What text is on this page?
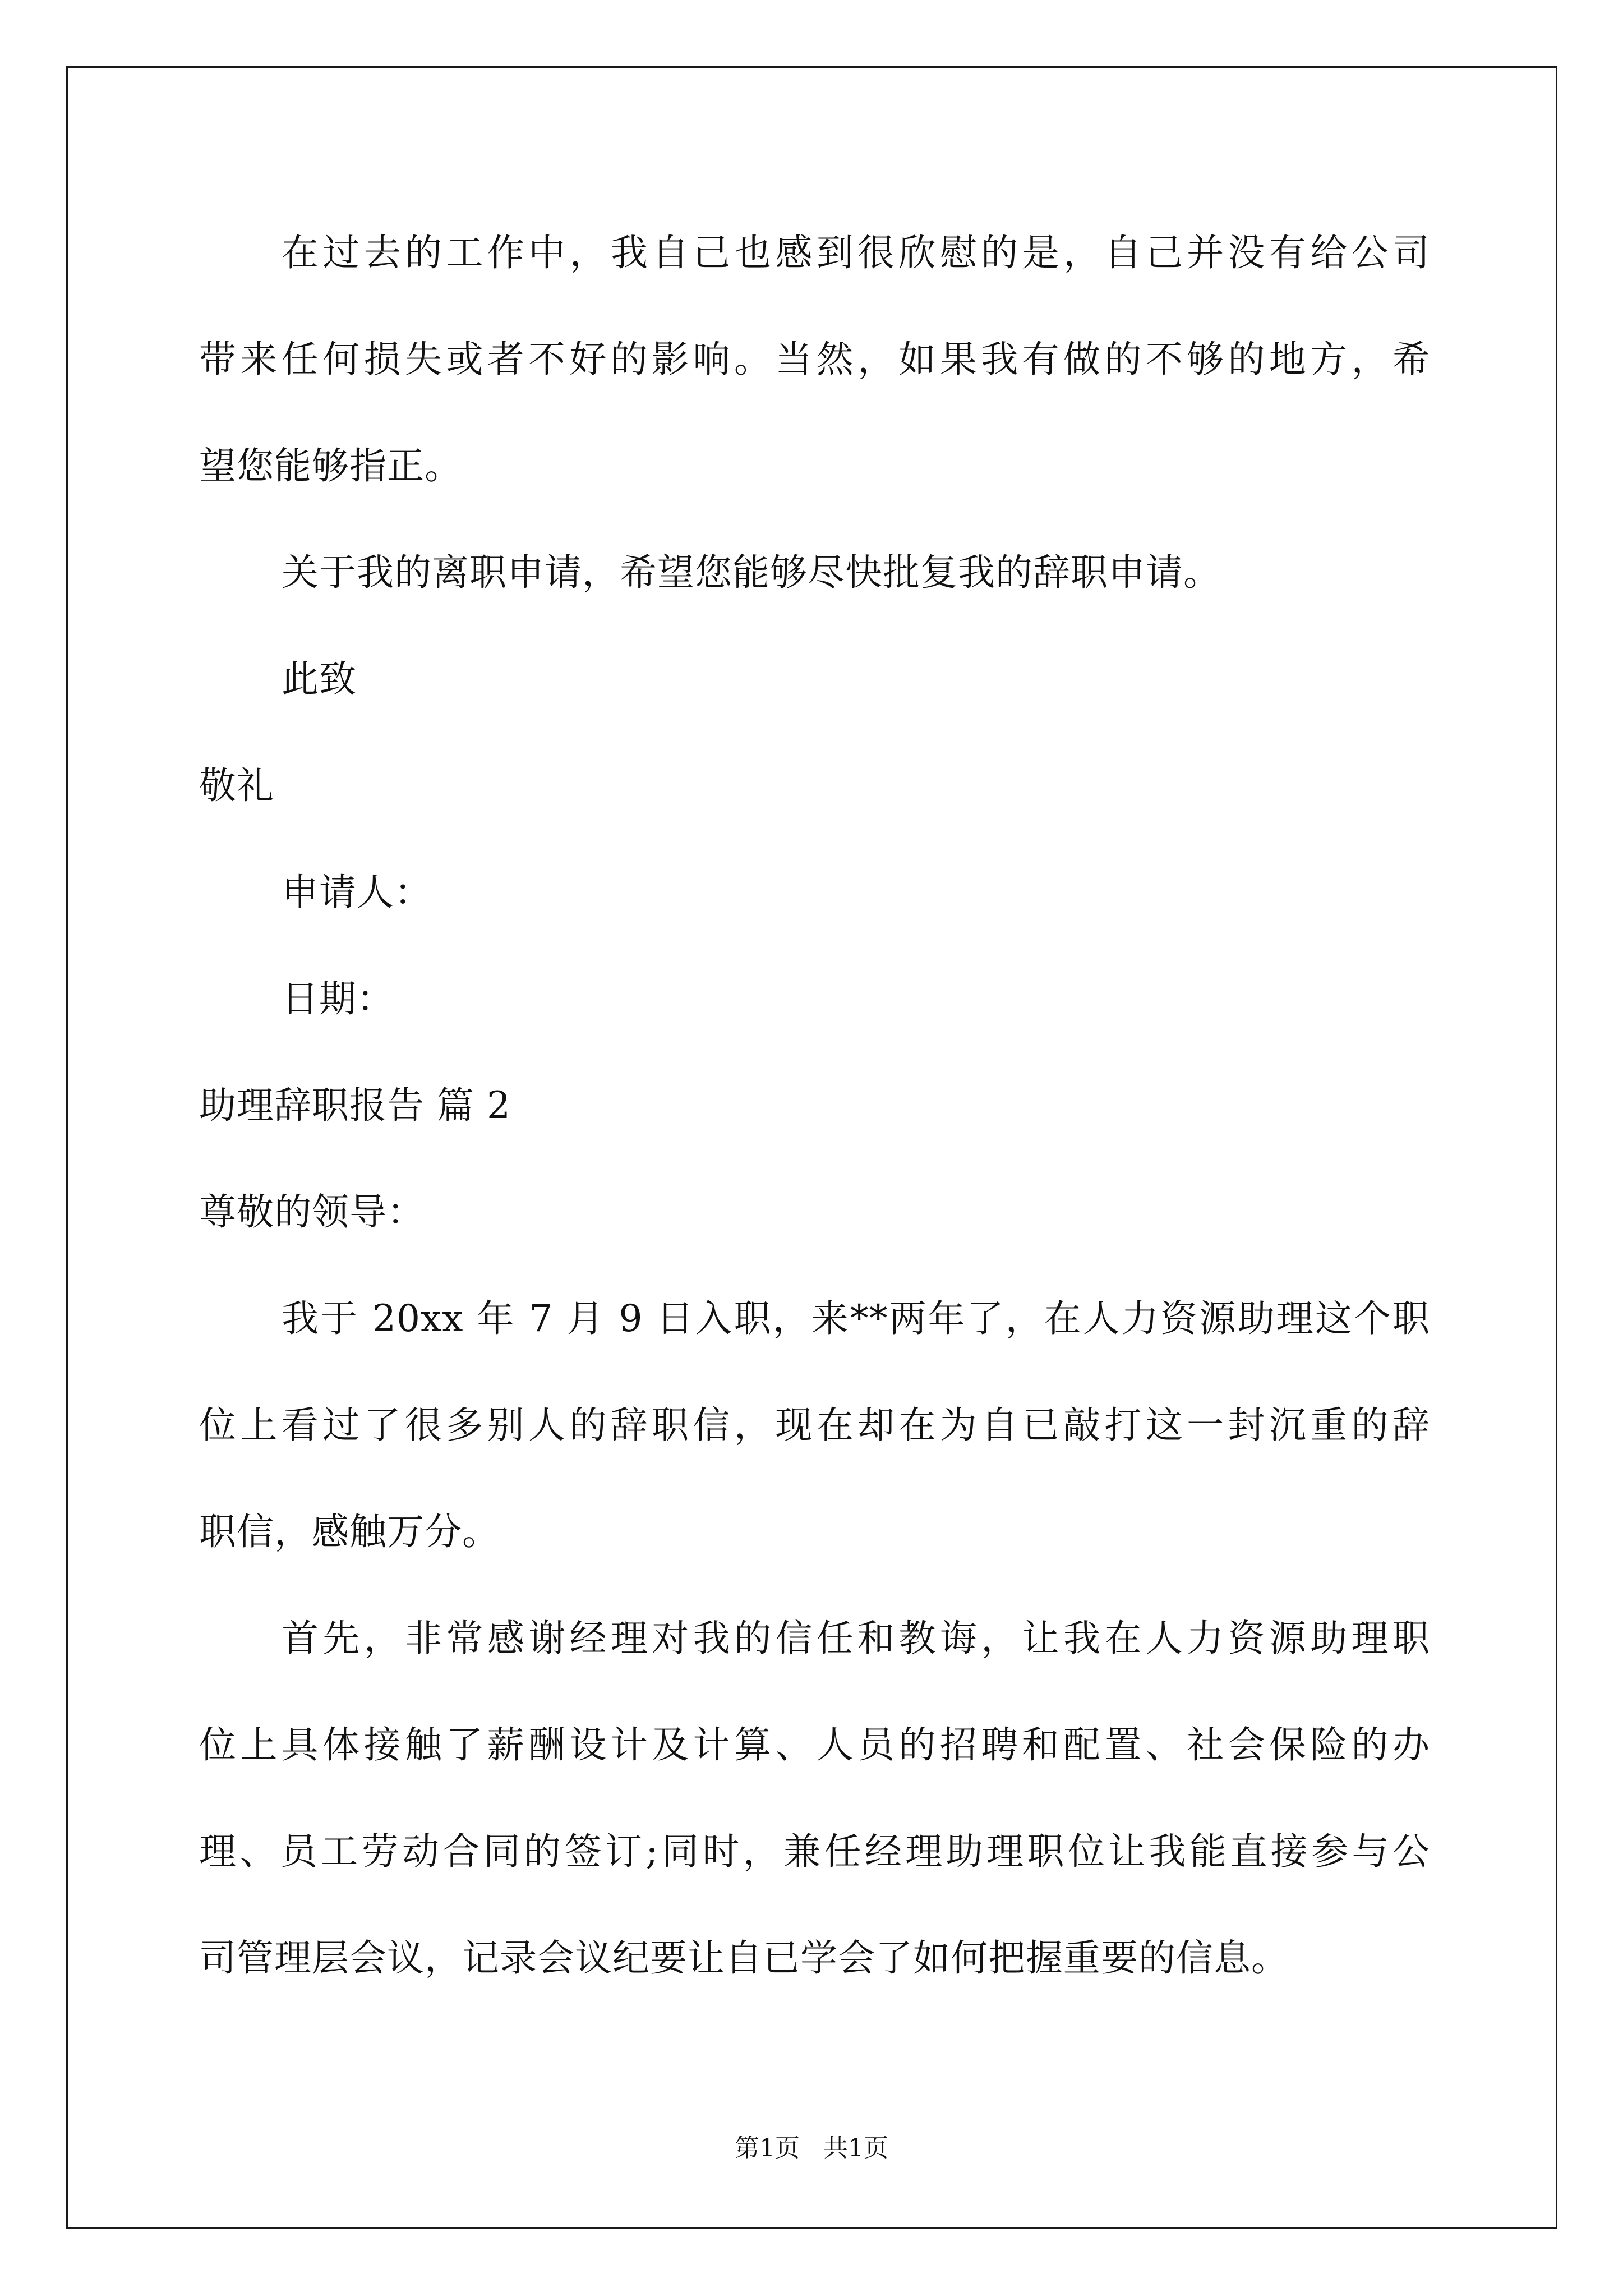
在过去的工作中，我自己也感到很欣慰的是，自己并没有给公司
带来任何损失或者不好的影响。当然，如果我有做的不够的地方，希
望您能够指正。
关于我的离职申请，希望您能够尽快批复我的辞职申请。
此致
敬礼
申请人：
日期：
助理辞职报告 篇 2
尊敬的领导：
我于 20xx 年 7 月 9 日入职，来**两年了，在人力资源助理这个职
位上看过了很多别人的辞职信，现在却在为自已敲打这一封沉重的辞
职信，感触万分。
首先，非常感谢经理对我的信任和教诲，让我在人力资源助理职
位上具体接触了薪酬设计及计算、人员的招聘和配置、社会保险的办
理、员工劳动合同的签订;同时，兼任经理助理职位让我能直接参与公
司管理层会议，记录会议纪要让自已学会了如何把握重要的信息。
第1页   共1页
